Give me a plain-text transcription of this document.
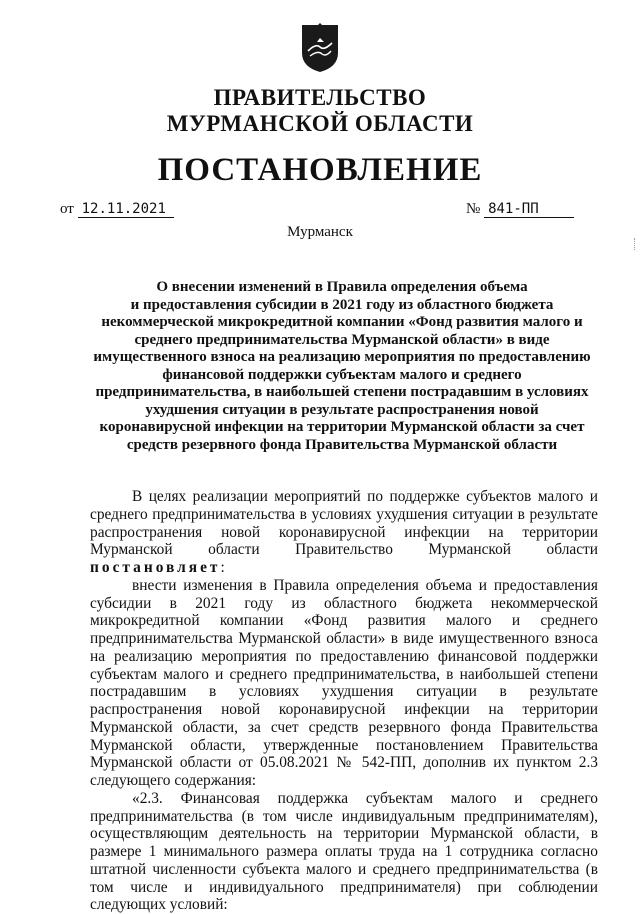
ПРАВИТЕЛЬСТВО
МУРМАНСКОЙ ОБЛАСТИ
ПОСТАНОВЛЕНИЕ
от 12.11.2021	№ 841-ПП
Мурманск
О внесении изменений в Правила определения объема
и предоставления субсидии в 2021 году из областного бюджета
некоммерческой микрокредитной компании «Фонд развития малого и
среднего предпринимательства Мурманской области» в виде
имущественного взноса на реализацию мероприятия по предоставлению
финансовой поддержки субъектам малого и среднего
предпринимательства, в наибольшей степени пострадавшим в условиях
ухудшения ситуации в результате распространения новой
коронавирусной инфекции на территории Мурманской области за счет
средств резервного фонда Правительства Мурманской области

В целях реализации мероприятий по поддержке субъектов малого и среднего предпринимательства в условиях ухудшения ситуации в результате распространения новой коронавирусной инфекции на территории Мурманской области Правительство Мурманской области постановляет:

внести изменения в Правила определения объема и предоставления субсидии в 2021 году из областного бюджета некоммерческой микрокредитной компании «Фонд развития малого и среднего предпринимательства Мурманской области» в виде имущественного взноса на реализацию мероприятия по предоставлению финансовой поддержки субъектам малого и среднего предпринимательства, в наибольшей степени пострадавшим в условиях ухудшения ситуации в результате распространения новой коронавирусной инфекции на территории Мурманской области, за счет средств резервного фонда Правительства Мурманской области, утвержденные постановлением Правительства Мурманской области от 05.08.2021 № 542-ПП, дополнив их пунктом 2.3 следующего содержания:

«2.3. Финансовая поддержка субъектам малого и среднего предпринимательства (в том числе индивидуальным предпринимателям), осуществляющим деятельность на территории Мурманской области, в размере 1 минимального размера оплаты труда на 1 сотрудника согласно штатной численности субъекта малого и среднего предпринимательства (в том числе и индивидуального предпринимателя) при соблюдении следующих условий:
